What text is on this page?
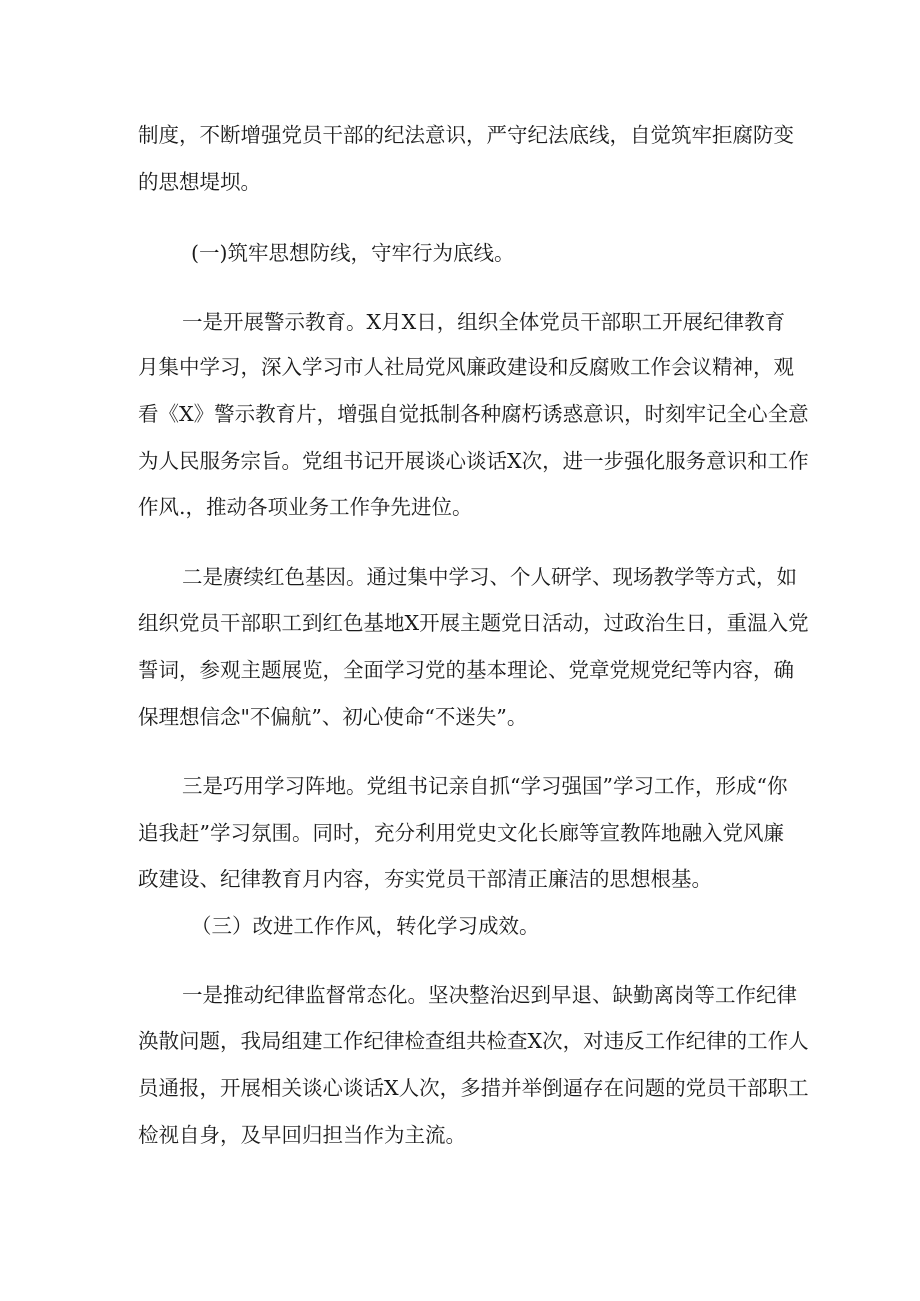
制度，不断增强党员干部的纪法意识，严守纪法底线，自觉筑牢拒腐防变

的思想堤坝。

(一)筑牢思想防线，守牢行为底线。

一是开展警示教育。X月X日，组织全体党员干部职工开展纪律教育

月集中学习，深入学习市人社局党风廉政建设和反腐败工作会议精神，观

看《X》警示教育片，增强自觉抵制各种腐朽诱惑意识，时刻牢记全心全意

为人民服务宗旨。党组书记开展谈心谈话X次，进一步强化服务意识和工作

作风.，推动各项业务工作争先进位。

二是赓续红色基因。通过集中学习、个人研学、现场教学等方式，如

组织党员干部职工到红色基地X开展主题党日活动，过政治生日，重温入党

誓词，参观主题展览，全面学习党的基本理论、党章党规党纪等内容，确

保理想信念"不偏航”、初心使命“不迷失”。

三是巧用学习阵地。党组书记亲自抓“学习强国”学习工作，形成“你

追我赶”学习氛围。同时，充分利用党史文化长廊等宣教阵地融入党风廉

政建设、纪律教育月内容，夯实党员干部清正廉洁的思想根基。

（三）改进工作作风，转化学习成效。

一是推动纪律监督常态化。坚决整治迟到早退、缺勤离岗等工作纪律

涣散问题，我局组建工作纪律检查组共检查X次，对违反工作纪律的工作人

员通报，开展相关谈心谈话X人次，多措并举倒逼存在问题的党员干部职工

检视自身，及早回归担当作为主流。
